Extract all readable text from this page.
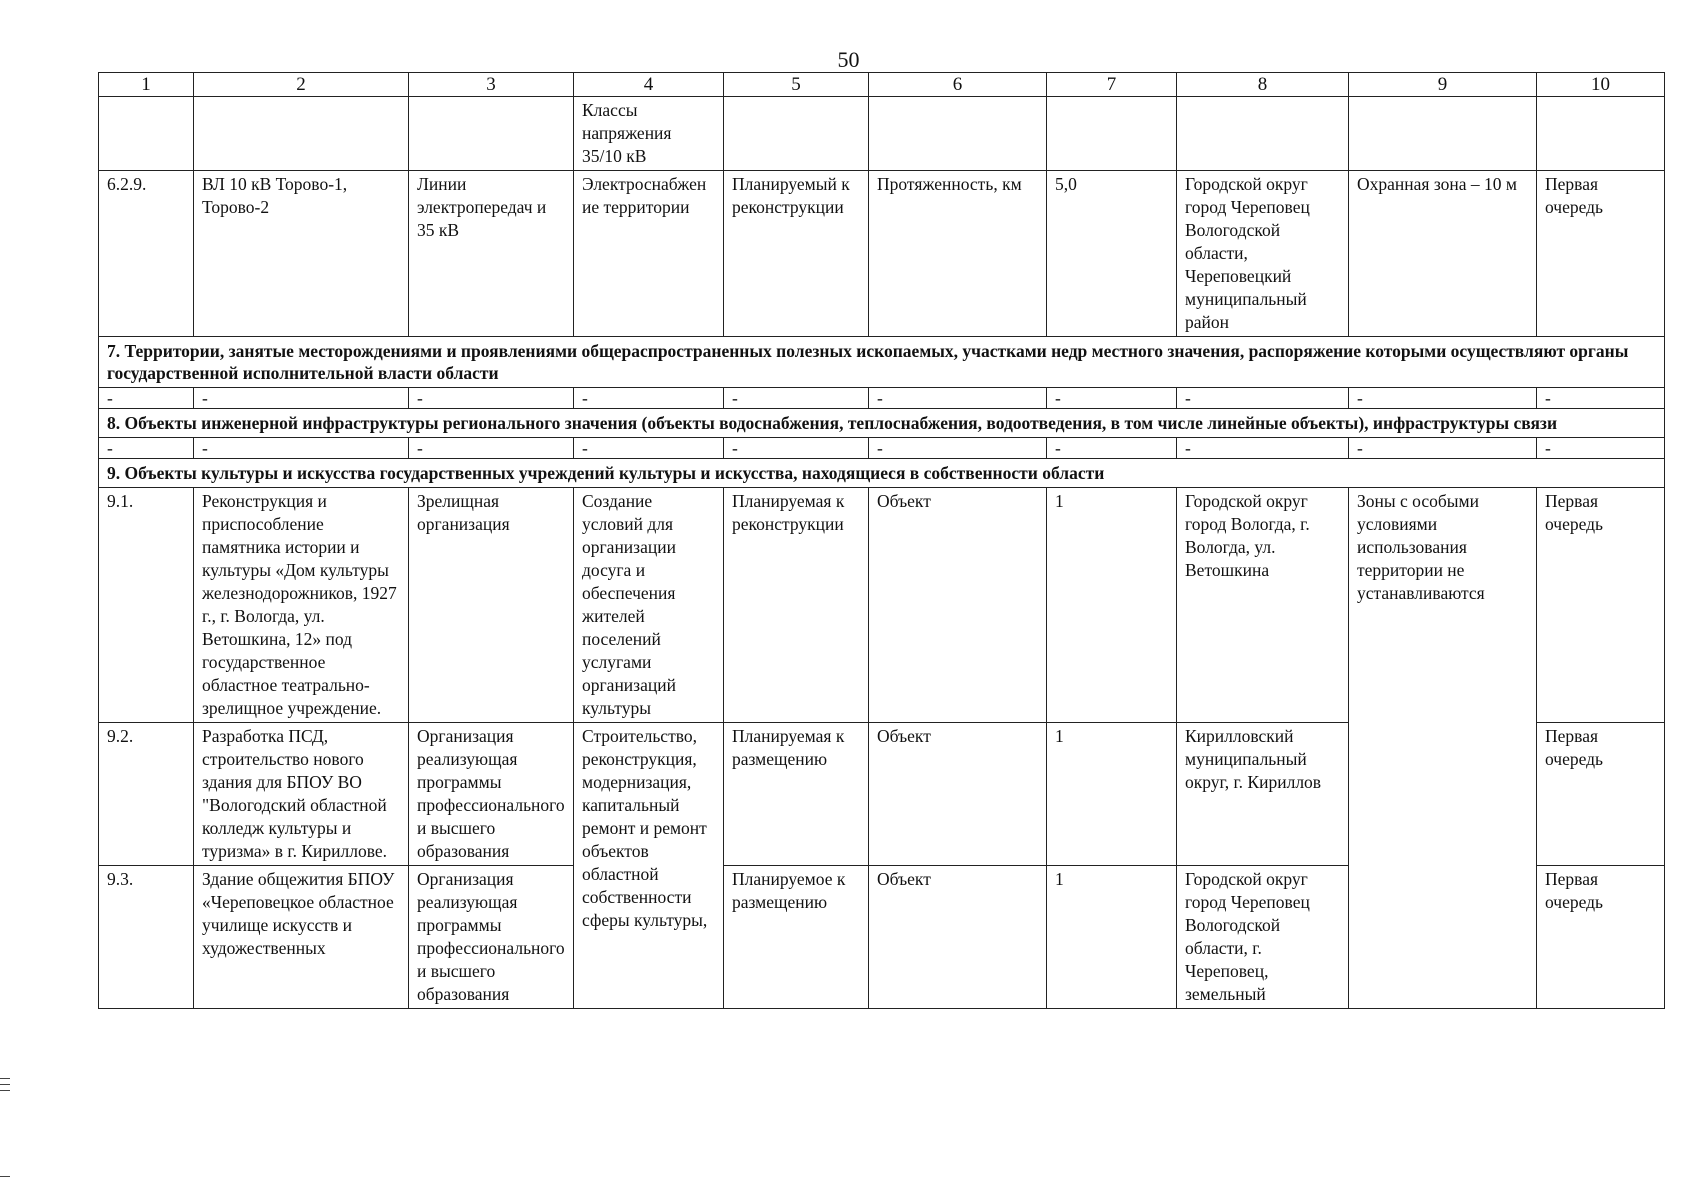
50
1	2	3	4	5	6	7	8	9	10
			Классы напряжения 35/10 кВ						
6.2.9.	ВЛ 10 кВ Торово-1, Торово-2	Линии электропередач и 35 кВ	Электроснабжение территории	Планируемый к реконструкции	Протяженность, км	5,0	Городской округ город Череповец Вологодской области, Череповецкий муниципальный район	Охранная зона – 10 м	Первая очередь
7. Территории, занятые месторождениями и проявлениями общераспространенных полезных ископаемых, участками недр местного значения, распоряжение которыми осуществляют органы государственной исполнительной власти области									
-	-	-	-	-	-	-	-	-	-
8. Объекты инженерной инфраструктуры регионального значения (объекты водоснабжения, теплоснабжения, водоотведения, в том числе линейные объекты), инфраструктуры связи									
-	-	-	-	-	-	-	-	-	-
9. Объекты культуры и искусства государственных учреждений культуры и искусства, находящиеся в собственности области									
9.1.	Реконструкция и приспособление памятника истории и культуры «Дом культуры железнодорожников, 1927 г., г. Вологда, ул. Ветошкина, 12» под государственное областное театрально-зрелищное учреждение.	Зрелищная организация	Создание условий для организации досуга и обеспечения жителей поселений услугами организаций культуры	Планируемая к реконструкции	Объект	1	Городской округ город Вологда, г. Вологда, ул. Ветошкина	Зоны с особыми условиями использования территории не устанавливаются	Первая очередь
9.2.	Разработка ПСД, строительство нового здания для БПОУ ВО "Вологодский областной колледж культуры и туризма» в г. Кириллове.	Организация реализующая программы профессионального и высшего образования	Строительство, реконструкция, модернизация, капитальный ремонт и ремонт объектов областной собственности сферы культуры,	Планируемая к размещению	Объект	1	Кирилловский муниципальный округ, г. Кириллов		Первая очередь
9.3.	Здание общежития БПОУ «Череповецкое областное училище искусств и художественных	Организация реализующая программы профессионального и высшего образования		Планируемое к размещению	Объект	1	Городской округ город Череповец Вологодской области, г. Череповец, земельный		Первая очередь
